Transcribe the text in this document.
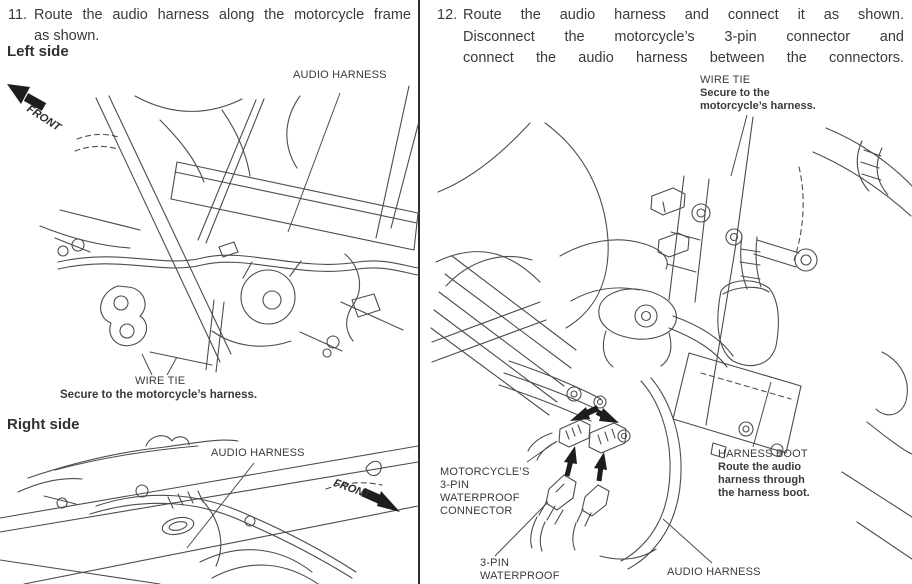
11. Route the audio harness along the motorcycle frame
as shown.
Left side
FRONT
AUDIO HARNESS
WIRE TIE
Secure to the motorcycle’s harness.
Right side
AUDIO HARNESS
FRONT
12. Route the audio harness and connect it as shown.
Disconnect the motorcycle’s 3-pin connector and
connect the audio harness between the connectors.
WIRE TIE
Secure to the
motorcycle’s harness.
MOTORCYCLE’S
3-PIN
WATERPROOF
CONNECTOR
HARNESS BOOT
Route the audio
harness through
the harness boot.
3-PIN
WATERPROOF	AUDIO HARNESS
